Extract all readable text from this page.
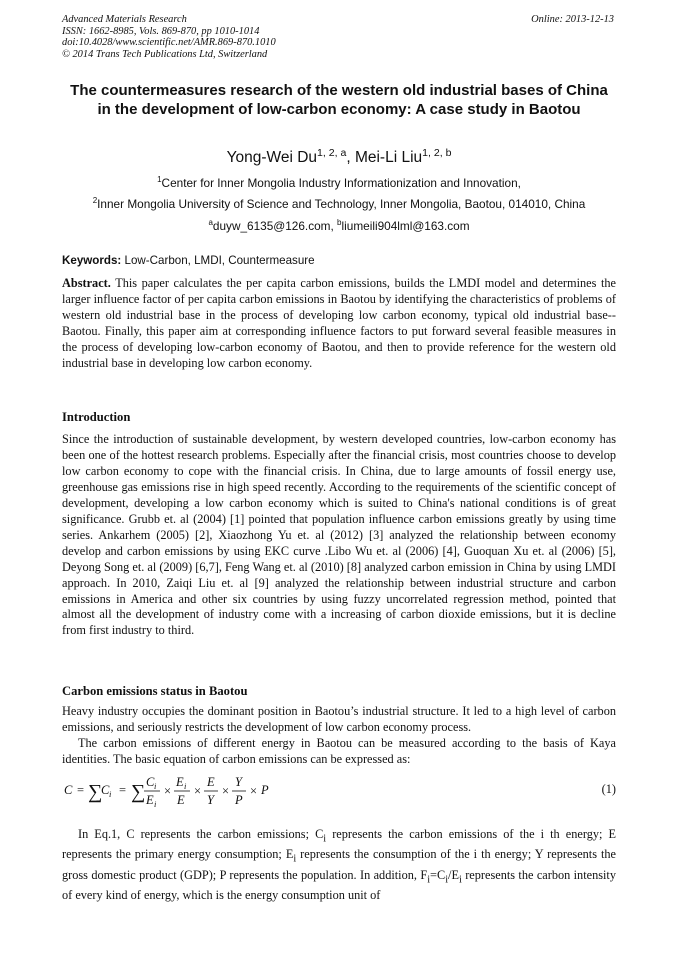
Advanced Materials Research
ISSN: 1662-8985, Vols. 869-870, pp 1010-1014
doi:10.4028/www.scientific.net/AMR.869-870.1010
© 2014 Trans Tech Publications Ltd, Switzerland
Online: 2013-12-13
The countermeasures research of the western old industrial bases of China in the development of low-carbon economy: A case study in Baotou
Yong-Wei Du$^{1, 2, a}$, Mei-Li Liu$^{1, 2, b}$
$^1$Center for Inner Mongolia Industry Informationization and Innovation,
$^2$Inner Mongolia University of Science and Technology, Inner Mongolia, Baotou, 014010, China
$^a$duyw_6135@126.com, $^b$liumeili904lml@163.com
Keywords: Low-Carbon, LMDI, Countermeasure

Abstract. This paper calculates the per capita carbon emissions, builds the LMDI model and determines the larger influence factor of per capita carbon emissions in Baotou by identifying the characteristics of problems of western old industrial base in the process of developing low carbon economy, typical old industrial base-- Baotou. Finally, this paper aim at corresponding influence factors to put forward several feasible measures in the process of developing low-carbon economy of Baotou, and then to provide reference for the western old industrial base in developing low carbon economy.

Introduction

Since the introduction of sustainable development, by western developed countries, low-carbon economy has been one of the hottest research problems. Especially after the financial crisis, most countries choose to develop low carbon economy to cope with the financial crisis. In China, due to large amounts of fossil energy use, greenhouse gas emissions rise in high speed recently. According to the requirements of the scientific concept of development, developing a low carbon economy which is suited to China's national conditions is of great significance. Grubb et. al (2004) [1] pointed that population influence carbon emissions greatly by using time series. Ankarhem (2005) [2], Xiaozhong Yu et. al (2012) [3] analyzed the relationship between economy develop and carbon emissions by using EKC curve .Libo Wu et. al (2006) [4], Guoquan Xu et. al (2006) [5], Deyong Song et. al (2009) [6,7], Feng Wang et. al (2010) [8] analyzed carbon emission in China by using LMDI approach. In 2010, Zaiqi Liu et. al [9] analyzed the relationship between industrial structure and carbon emissions in America and other six countries by using fuzzy uncorrelated regression method, pointed that almost all the development of industry come with a increasing of carbon dioxide emissions, but it is decline from first industry to third.

Carbon emissions status in Baotou

Heavy industry occupies the dominant position in Baotou’s industrial structure. It led to a high level of carbon emissions, and seriously restricts the development of low carbon economy process.

The carbon emissions of different energy in Baotou can be measured according to the basis of Kaya identities. The basic equation of carbon emissions can be expressed as:

C = ∑
C i = ∑ C i
E i
×
E i
E
×
E
Y
×
Y
P
× P	(1)

In Eq.1, C represents the carbon emissions; $C_i$ represents the carbon emissions of the i th energy; E represents the primary energy consumption; $E_i$ represents the consumption of the i th energy; Y represents the gross domestic product (GDP); P represents the population. In addition, $F_i=C_i/E_i$ represents the carbon intensity of every kind of energy, which is the energy consumption unit of
